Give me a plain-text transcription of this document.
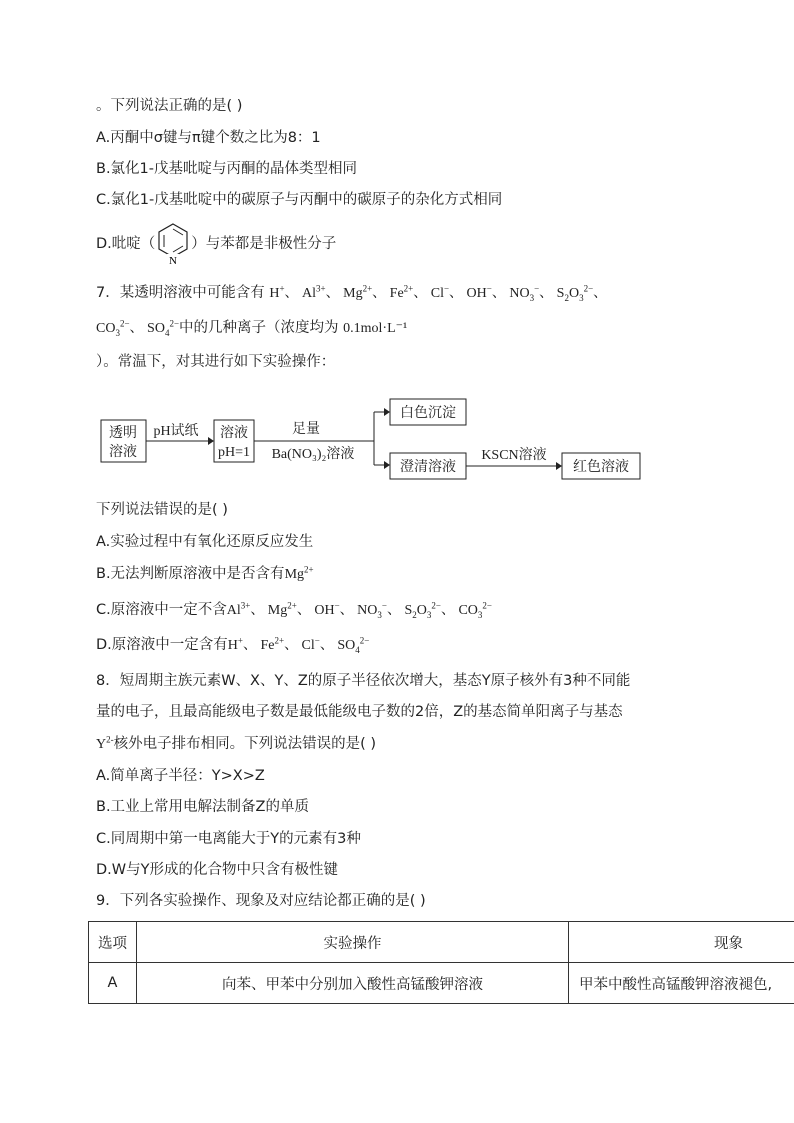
。下列说法正确的是( )
A.丙酮中σ键与π键个数之比为8：1
B.氯化1-戊基吡啶与丙酮的晶体类型相同
C.氯化1-戊基吡啶中的碳原子与丙酮中的碳原子的杂化方式相同
D.吡啶（
N
）与苯都是非极性分子
7．某透明溶液中可能含有 H+、 $Al^{3+}$、 $Mg^{2+}$、 $Fe^{2+}$、 Cl−、 OH−、 $NO_3^-$、 $S_2O_3^{2-}$、
$CO_3^{2-}$、 $SO_4^{2-}$中的几种离子（浓度均为 0.1mol·L⁻¹
）。常温下，对其进行如下实验操作：
透明
溶液
pH试纸 溶液
pH=1
足量
Ba(NO₃)₂溶液
白色沉淀
澄清溶液
KSCN溶液
红色溶液
下列说法错误的是( )
A.实验过程中有氧化还原反应发生
B.无法判断原溶液中是否含有$Mg^{2+}$
C.原溶液中一定不含$Al^{3+}$、 $Mg^{2+}$、 OH−、 $NO_3^-$、 $S_2O_3^{2-}$、 $CO_3^{2-}$
D.原溶液中一定含有H+、 $Fe^{2+}$、 Cl−、 $SO_4^{2-}$
8．短周期主族元素W、X、Y、Z的原子半径依次增大，基态Y原子核外有3种不同能
量的电子，且最高能级电子数是最低能级电子数的2倍，Z的基态简单阳离子与基态
$Y^{2-}$核外电子排布相同。下列说法错误的是( )
A.简单离子半径：Y>X>Z
B.工业上常用电解法制备Z的单质
C.同周期中第一电离能大于Y的元素有3种
D.W与Y形成的化合物中只含有极性键
9．下列各实验操作、现象及对应结论都正确的是( )
选项	实验操作	现象
A	向苯、甲苯中分别加入酸性高锰酸钾溶液	甲苯中酸性高锰酸钾溶液褪色,
